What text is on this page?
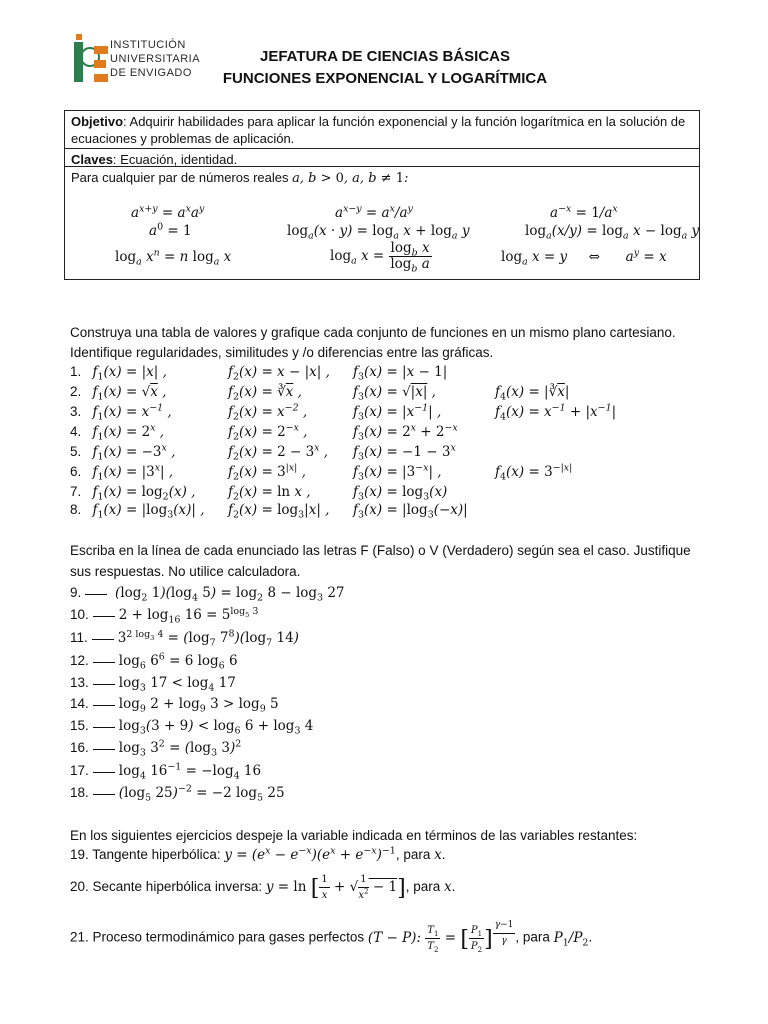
INSTITUCIÓN
UNIVERSITARIA
DE ENVIGADO
JEFATURA DE CIENCIAS BÁSICAS
FUNCIONES EXPONENCIAL Y LOGARÍTMICA
Objetivo: Adquirir habilidades para aplicar la función exponencial y la función logarítmica en la solución de ecuaciones y problemas de aplicación.
Claves: Ecuación, identidad.
Para cualquier par de números reales a, b > 0, a, b ≠ 1:
$a^{x+y} = a^xa^y$	$a^{x-y} = a^x/a^y$	$a^{-x} = 1/a^x$
$a^0 = 1$	$\log_a(x \cdot y) = \log_a x + \log_a y$	$\log_a(x/y) = \log_a x - \log_a y$
$\log_a x^n = n$ $\log_a x$	$\log_a x = \frac{\log_b x}{\log_b a}$	$\log_a x = y$     ⇔      $a^y = x$
Construya una tabla de valores y grafique cada conjunto de funciones en un mismo plano cartesiano.
Identifique regularidades, similitudes y /o diferencias entre las gráficas.
1.   $f_1(x) = |x|$ ,	$f_2(x) = x - |x|$ , $f_3(x) = |x - 1|$
2.   $f_1(x) = √x$ ,	$f_2(x)$ = $∛\overline{x}$ ,	$f_3(x) = √|x|$ ,	$f_4(x)$ = $|∛\overline{x}|$
3.   $f_1(x) = x^{-1}$ ,	$f_2(x) = x^{-2}$ ,	$f_3(x) = |x^{-1}|$ ,	$f_4(x) = x^{-1} + |x^{-1}|$
4.   $f_1(x) = 2^x$ ,	$f_2(x) = 2^{-x}$ ,	$f_3(x) = 2^x + 2^{-x}$
5.   $f_1(x) = -3^x$ ,	$f_2(x) = 2 - 3^x$ , $f_3(x) = -1 - 3^x$
6.   $f_1(x) = |3^x|$ ,	$f_2(x) = 3^{|x|}$ ,	$f_3(x) = |3^{-x}|$ ,	$f_4(x) = 3^{-|x|}$
7.   $f_1(x) = \log_2(x)$ , $f_2(x) = \ln x$ ,	$f_3(x) = \log_3(x)$
8.   $f_1(x) = |\log_3(x)|$ , $f_2(x) = \log_3|x|$ , $f_3(x) = |\log_3(-x)|$
Escriba en la línea de cada enunciado las letras F (Falso) o V (Verdadero) según sea el caso. Justifique
sus respuestas. No utilice calculadora.
9.	($\log_2$ $1)(\log_4$ $5) = \log_2 8 - \log_3 27$
10. $2 + \log_{16} 16 = 5^{log_5 3}$
11. $3^{2 log_3 4} = (\log_7$ $7^8)(\log_7$ 14)
12. $\log_6 6^6 = 6$ $\log_6 6$
13. $\log_3 17 < \log_4 17$
14. $\log_9 2 + \log_9 3 > \log_9 5$
15. $\log_3(3 + 9) < \log_6 6 + \log_3 4$
16. $\log_3 3^2 = (\log_3$ 3)$^2$
17. $\log_4 16^{-1} = -\log_4$ 16
18. ($\log_5$ 25)$^{-2}$ = −2 $\log_5 25$
En los siguientes ejercicios despeje la variable indicada en términos de las variables restantes:
19. Tangente hiperbólica: $y = (e^x - e^{-x})(e^x + e^{-x})^{-1}$, para x.
20. Secante hiperbólica inversa: y = ln [ $\frac{1}{x}$ + √ $\frac{1}{x^2} - 1$], para x.
21. Proceso termodinámico para gases perfectos (T − P): $\frac{T_1}{T_2}$ = [ $\frac{P_1}{P_2}$ ] $^{\frac{\gamma-1}{\gamma}}$ , para $P_1/P_2$.
